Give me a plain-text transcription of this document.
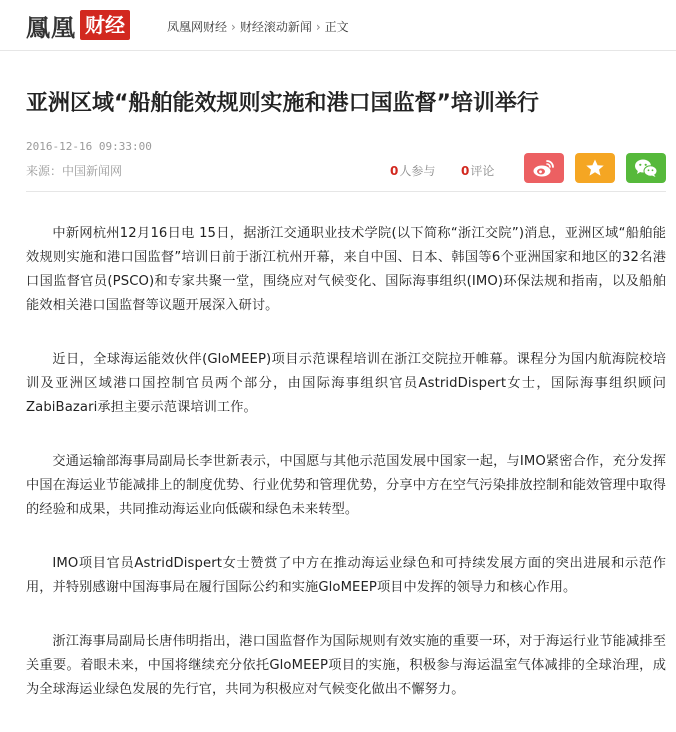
鳳凰 财经	凤凰网财经 › 财经滚动新闻 › 正文
亚洲区域“船舶能效规则实施和港口国监督”培训举行
2016-12-16 09:33:00
来源：中国新闻网	0人参与 0评论

中新网杭州12月16日电 15日，据浙江交通职业技术学院(以下简称“浙江交院”)消息，亚洲区域“船舶能效规则实施和港口国监督”培训日前于浙江杭州开幕，来自中国、日本、韩国等6个亚洲国家和地区的32名港口国监督官员(PSCO)和专家共聚一堂，围绕应对气候变化、国际海事组织(IMO)环保法规和指南，以及船舶能效相关港口国监督等议题开展深入研讨。

近日，全球海运能效伙伴(GloMEEP)项目示范课程培训在浙江交院拉开帷幕。课程分为国内航海院校培训及亚洲区域港口国控制官员两个部分，由国际海事组织官员AstridDispert女士，国际海事组织顾问ZabiBazari承担主要示范课培训工作。

交通运输部海事局副局长李世新表示，中国愿与其他示范国发展中国家一起，与IMO紧密合作，充分发挥中国在海运业节能减排上的制度优势、行业优势和管理优势，分享中方在空气污染排放控制和能效管理中取得的经验和成果，共同推动海运业向低碳和绿色未来转型。

IMO项目官员AstridDispert女士赞赏了中方在推动海运业绿色和可持续发展方面的突出进展和示范作用，并特别感谢中国海事局在履行国际公约和实施GloMEEP项目中发挥的领导力和核心作用。

浙江海事局副局长唐伟明指出，港口国监督作为国际规则有效实施的重要一环，对于海运行业节能减排至关重要。着眼未来，中国将继续充分依托GloMEEP项目的实施，积极参与海运温室气体减排的全球治理，成为全球海运业绿色发展的先行官，共同为积极应对气候变化做出不懈努力。
